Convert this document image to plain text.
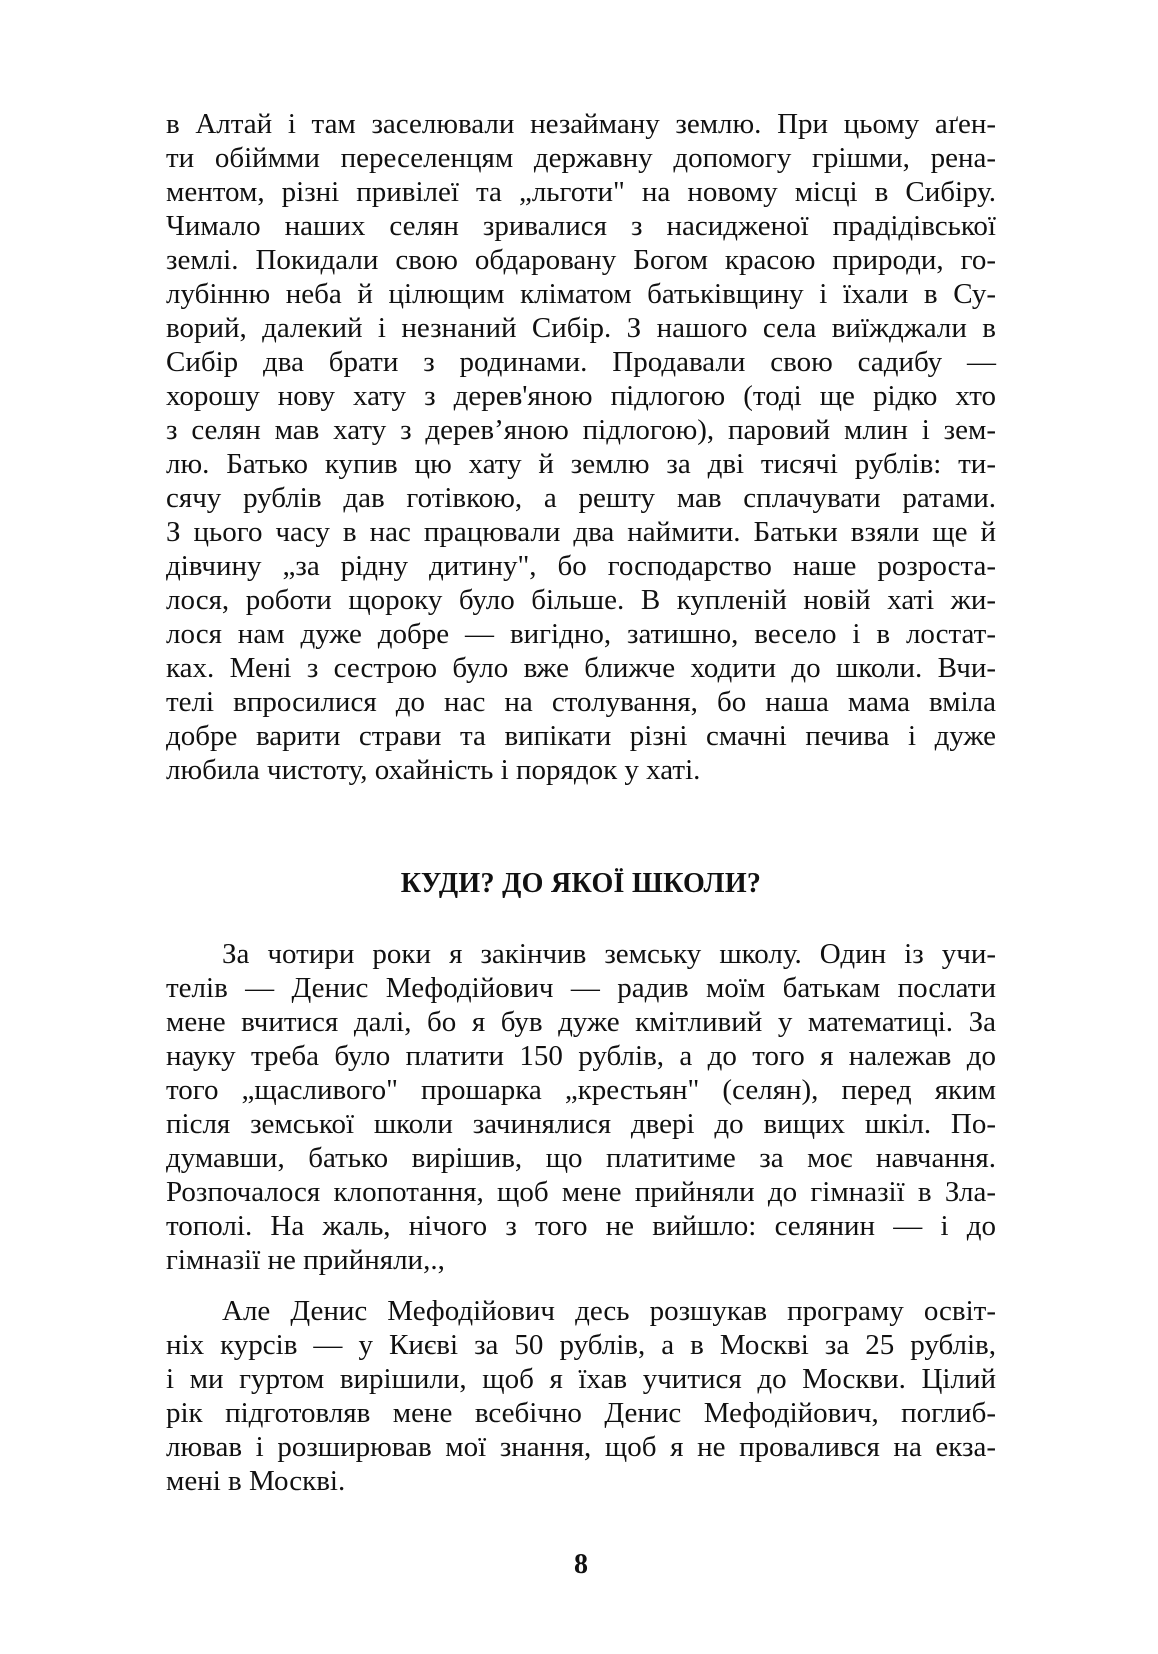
в Алтай і там заселювали незайману землю. При цьому аґен-
ти обіймми переселенцям державну допомогу грішми, рена-
ментом, різні привілеї та „льготи" на новому місці в Сибіру.
Чимало наших селян зривалися з насидженої прадідівської
землі. Покидали свою обдаровану Богом красою природи, го-
лубінню неба й цілющим кліматом батьківщину і їхали в Су-
ворий, далекий і незнаний Сибір. З нашого села виїжджали в
Сибір два брати з родинами. Продавали свою садибу —
хорошу нову хату з дерев'яною підлогою (тоді ще рідко хто
з селян мав хату з дерев’яною підлогою), паровий млин і зем-
лю. Батько купив цю хату й землю за дві тисячі рублів: ти-
сячу рублів дав готівкою, а решту мав сплачувати ратами.
З цього часу в нас працювали два наймити. Батьки взяли ще й
дівчину „за рідну дитину", бо господарство наше розроста-
лося, роботи щороку було більше. В купленій новій хаті жи-
лося нам дуже добре — вигідно, затишно, весело і в лостат-
ках. Мені з сестрою було вже ближче ходити до школи. Вчи-
телі впросилися до нас на столування, бо наша мама вміла
добре варити страви та випікати різні смачні печива і дуже
любила чистоту, охайність і порядок у хаті.
КУДИ? ДО ЯКОЇ ШКОЛИ?
За чотири роки я закінчив земську школу. Один із учи-
телів — Денис Мефодійович — радив моїм батькам послати
мене вчитися далі, бо я був дуже кмітливий у математиці. За
науку треба було платити 150 рублів, а до того я належав до
того „щасливого" прошарка „крестьян" (селян), перед яким
після земської школи зачинялися двері до вищих шкіл. По-
думавши, батько вирішив, що платитиме за моє навчання.
Розпочалося клопотання, щоб мене прийняли до гімназії в Зла-
тополі. На жаль, нічого з того не вийшло: селянин — і до
гімназії не прийняли,.,
Але Денис Мефодійович десь розшукав програму освіт-
ніх курсів — у Києві за 50 рублів, а в Москві за 25 рублів,
і ми гуртом вирішили, щоб я їхав учитися до Москви. Цілий
рік підготовляв мене всебічно Денис Мефодійович, поглиб-
лював і розширював мої знання, щоб я не провалився на екза-
мені в Москві.
8
